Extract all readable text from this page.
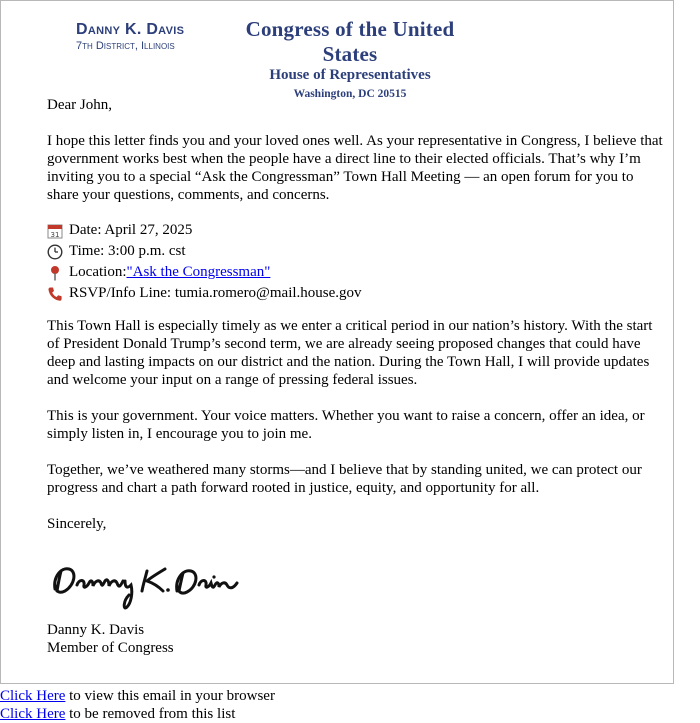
Danny K. Davis
7th District, Illinois
Congress of the United States
House of Representatives
Washington, DC 20515

Dear John,

I hope this letter finds you and your loved ones well. As your representative in Congress, I believe that government works best when the people have a direct line to their elected officials. That’s why I’m inviting you to a special “Ask the Congressman” Town Hall Meeting — an open forum for you to share your questions, comments, and concerns.

31 Date: April 27, 2025
Time: 3:00 p.m. cst
Location: "Ask the Congressman"
RSVP/Info Line: tumia.romero@mail.house.gov

This Town Hall is especially timely as we enter a critical period in our nation’s history. With the start of President Donald Trump’s second term, we are already seeing proposed changes that could have deep and lasting impacts on our district and the nation. During the Town Hall, I will provide updates and welcome your input on a range of pressing federal issues.

This is your government. Your voice matters. Whether you want to raise a concern, offer an idea, or simply listen in, I encourage you to join me.

Together, we’ve weathered many storms—and I believe that by standing united, we can protect our progress and chart a path forward rooted in justice, equity, and opportunity for all.

Sincerely,

Danny K. Davis

Member of Congress

Click Here to view this email in your browser
Click Here to be removed from this list
